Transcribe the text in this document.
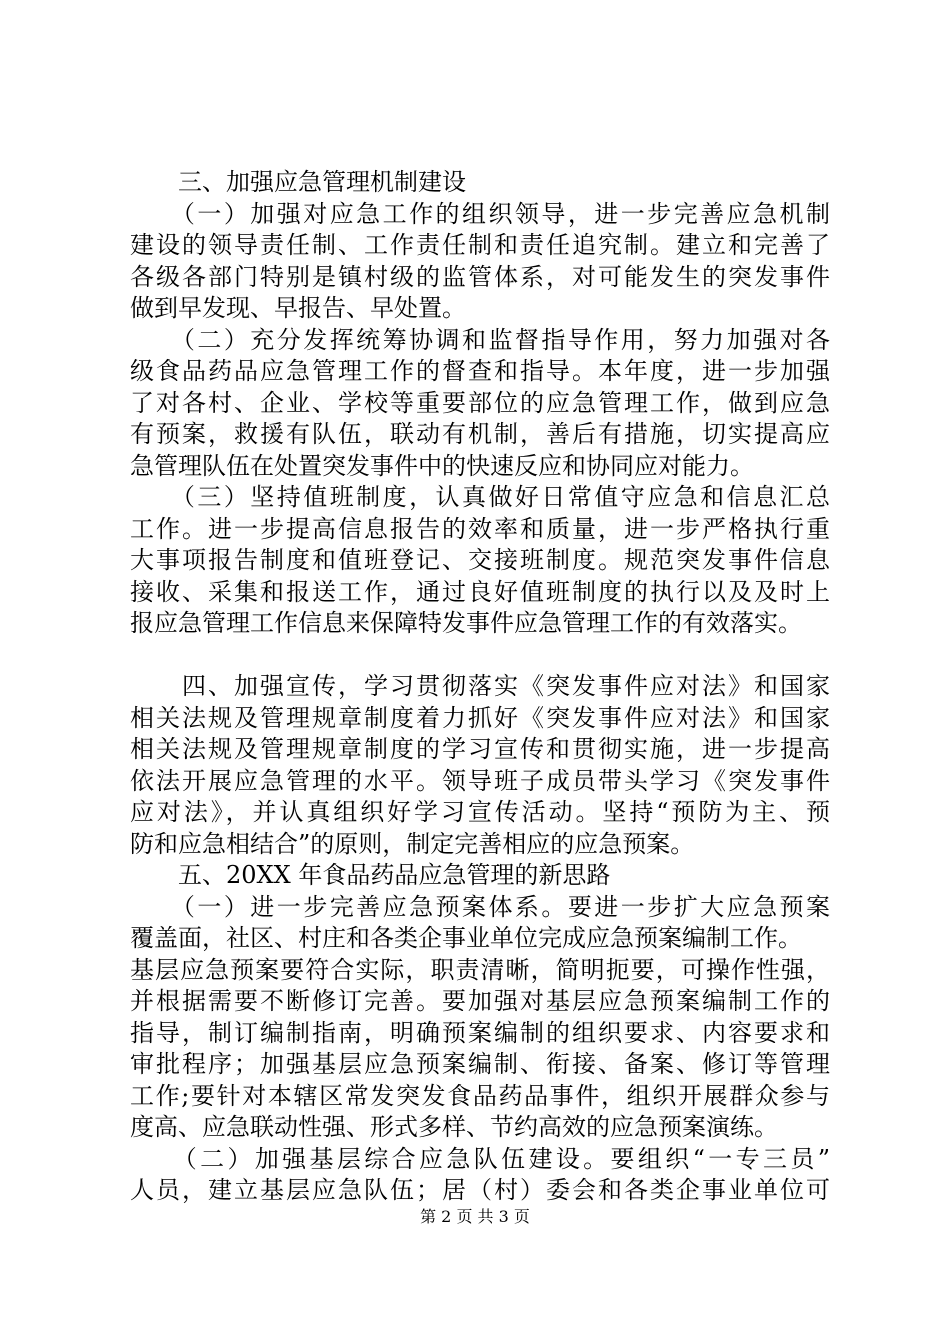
　　三、加强应急管理机制建设
　　（一）加强对应急工作的组织领导，进一步完善应急机制
建设的领导责任制、工作责任制和责任追究制。建立和完善了
各级各部门特别是镇村级的监管体系，对可能发生的突发事件
做到早发现、早报告、早处置。
　　（二）充分发挥统筹协调和监督指导作用，努力加强对各
级食品药品应急管理工作的督查和指导。本年度，进一步加强
了对各村、企业、学校等重要部位的应急管理工作，做到应急
有预案，救援有队伍，联动有机制，善后有措施，切实提高应
急管理队伍在处置突发事件中的快速反应和协同应对能力。
　　（三）坚持值班制度，认真做好日常值守应急和信息汇总
工作。进一步提高信息报告的效率和质量，进一步严格执行重
大事项报告制度和值班登记、交接班制度。规范突发事件信息
接收、采集和报送工作，通过良好值班制度的执行以及及时上
报应急管理工作信息来保障特发事件应急管理工作的有效落实。
　　四、加强宣传，学习贯彻落实《突发事件应对法》和国家
相关法规及管理规章制度着力抓好《突发事件应对法》和国家
相关法规及管理规章制度的学习宣传和贯彻实施，进一步提高
依法开展应急管理的水平。领导班子成员带头学习《突发事件
应对法》，并认真组织好学习宣传活动。坚持“预防为主、预
防和应急相结合”的原则，制定完善相应的应急预案。
　　五、20XX 年食品药品应急管理的新思路
　　（一）进一步完善应急预案体系。要进一步扩大应急预案
覆盖面，社区、村庄和各类企事业单位完成应急预案编制工作。
基层应急预案要符合实际，职责清晰，简明扼要，可操作性强，
并根据需要不断修订完善。要加强对基层应急预案编制工作的
指导，制订编制指南，明确预案编制的组织要求、内容要求和
审批程序；加强基层应急预案编制、衔接、备案、修订等管理
工作;要针对本辖区常发突发食品药品事件，组织开展群众参与
度高、应急联动性强、形式多样、节约高效的应急预案演练。
　　（二）加强基层综合应急队伍建设。要组织“一专三员”
人员，建立基层应急队伍；居（村）委会和各类企事业单位可
第 2 页 共 3 页
